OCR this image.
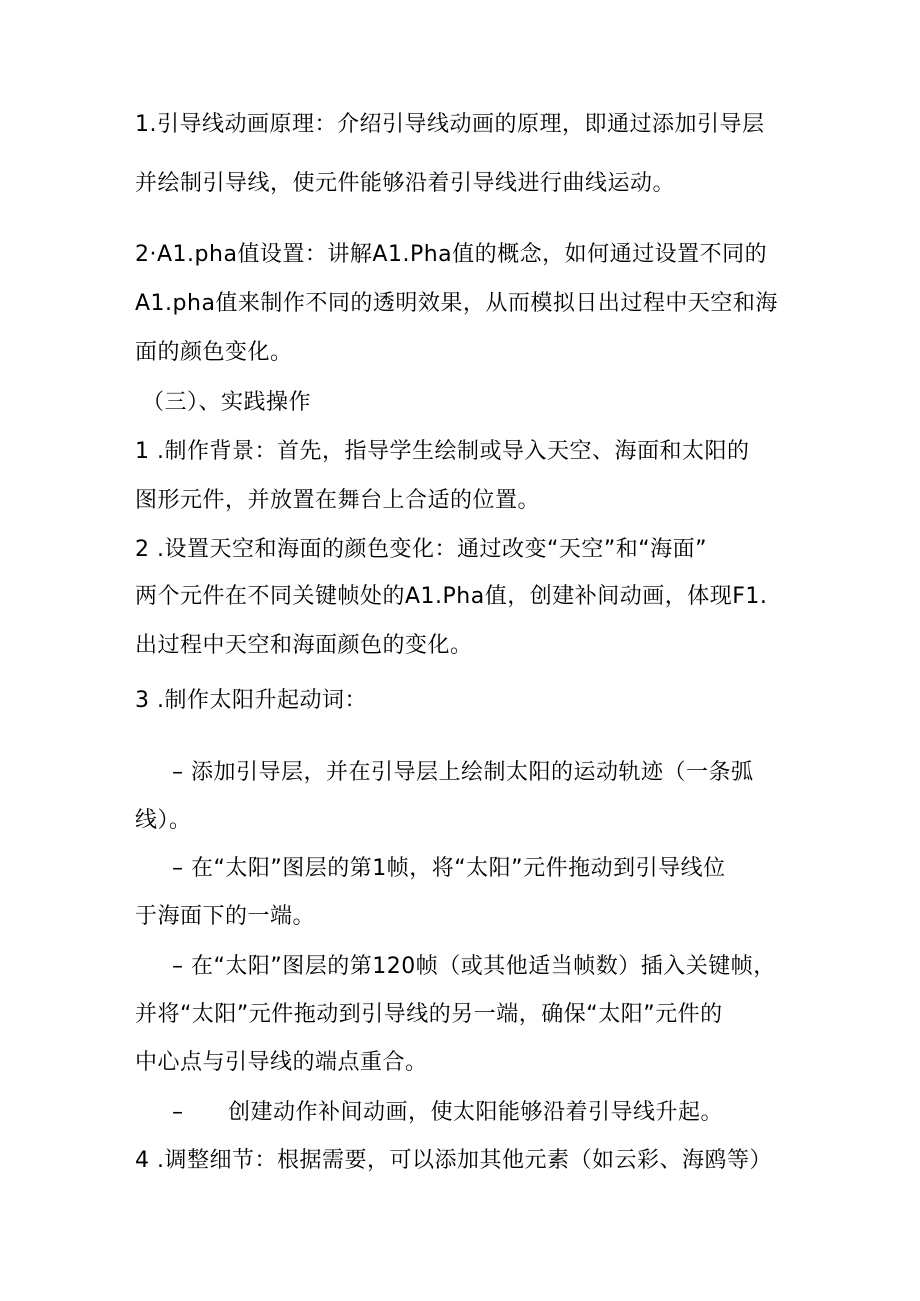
1.引导线动画原理：介绍引导线动画的原理，即通过添加引导层
并绘制引导线，使元件能够沿着引导线进行曲线运动。
2·A1.pha值设置：讲解A1.Pha值的概念，如何通过设置不同的
A1.pha值来制作不同的透明效果，从而模拟日出过程中天空和海
面的颜色变化。
（三）、实践操作
1 .制作背景：首先，指导学生绘制或导入天空、海面和太阳的
图形元件，并放置在舞台上合适的位置。
2 .设置天空和海面的颜色变化：通过改变“天空”和“海面”
两个元件在不同关键帧处的A1.Pha值，创建补间动画，体现F1.
出过程中天空和海面颜色的变化。
3 .制作太阳升起动词：
– 添加引导层，并在引导层上绘制太阳的运动轨迹（一条弧
线）。
– 在“太阳”图层的第1帧，将“太阳”元件拖动到引导线位
于海面下的一端。
– 在“太阳”图层的第120帧（或其他适当帧数）插入关键帧，
并将“太阳”元件拖动到引导线的另一端，确保“太阳”元件的
中心点与引导线的端点重合。
– 创建动作补间动画，使太阳能够沿着引导线升起。
4 .调整细节：根据需要，可以添加其他元素（如云彩、海鸥等）
